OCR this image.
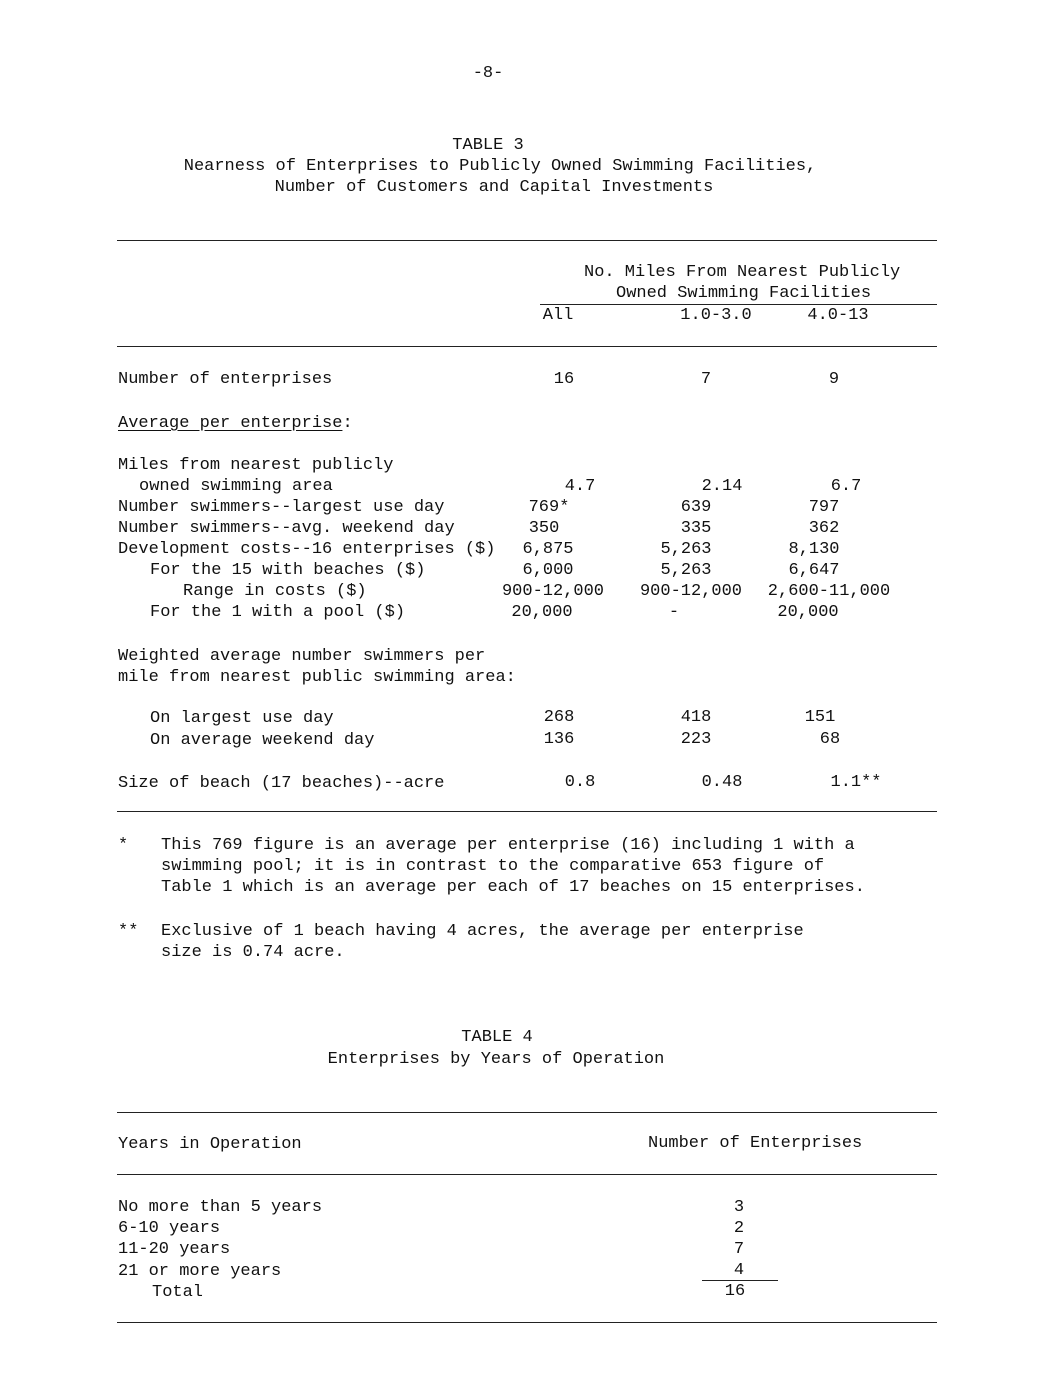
-8-
TABLE 3
Nearness of Enterprises to Publicly Owned Swimming Facilities,
Number of Customers and Capital Investments
No. Miles From Nearest Publicly
Owned Swimming Facilities
All	1.0-3.0	4.0-13
Number of enterprises	16	7	9
Average per enterprise:
Miles from nearest publicly
owned swimming area	4.7	2.14	6.7
Number swimmers--largest use day	769*	639	797
Number swimmers--avg. weekend day	350	335	362
Development costs--16 enterprises ($) 6,875	5,263	8,130
For the 15 with beaches ($)	6,000	5,263	6,647
Range in costs ($)	900-12,000 900-12,000 2,600-11,000
For the 1 with a pool ($)	20,000	-	20,000
Weighted average number swimmers per
mile from nearest public swimming area:
On largest use day	268	418	151
On average weekend day	136	223	68
Size of beach (17 beaches)--acre	0.8	0.48	1.1**
* This 769 figure is an average per enterprise (16) including 1 with a
swimming pool; it is in contrast to the comparative 653 figure of
Table 1 which is an average per each of 17 beaches on 15 enterprises.
** Exclusive of 1 beach having 4 acres, the average per enterprise
size is 0.74 acre.
TABLE 4
Enterprises by Years of Operation
Years in Operation	Number of Enterprises
No more than 5 years	3
6-10 years	2
11-20 years	7
21 or more years	4
Total	16
